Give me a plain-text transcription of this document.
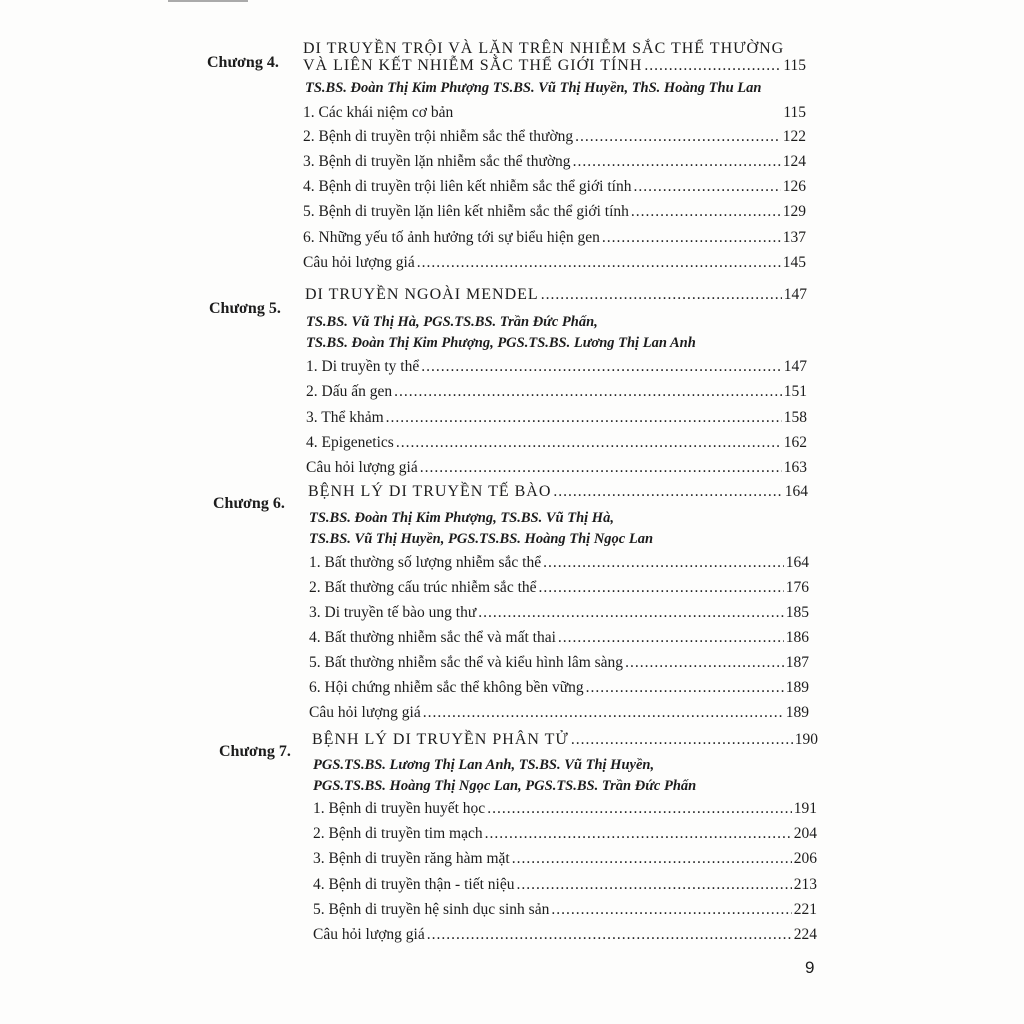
Chương 4.
DI TRUYỀN TRỘI VÀ LẶN TRÊN NHIỄM SẮC THỂ THƯỜNG
VÀ LIÊN KẾT NHIỄM SẮC THỂ GIỚI TÍNH .....	115
TS.BS. Đoàn Thị Kim Phượng TS.BS. Vũ Thị Huyền, ThS. Hoàng Thu Lan
1. Các khái niệm cơ bản	115
2. Bệnh di truyền trội nhiễm sắc thể thường .....	122
3. Bệnh di truyền lặn nhiễm sắc thể thường .....	124
4. Bệnh di truyền trội liên kết nhiễm sắc thể giới tính .....	126
5. Bệnh di truyền lặn liên kết nhiễm sắc thể giới tính .....	129
6. Những yếu tố ảnh hưởng tới sự biểu hiện gen .....	137
Câu hỏi lượng giá .....	145
Chương 5.
DI TRUYỀN NGOÀI MENDEL .....	147
TS.BS. Vũ Thị Hà, PGS.TS.BS. Trần Đức Phấn,
TS.BS. Đoàn Thị Kim Phượng, PGS.TS.BS. Lương Thị Lan Anh
1. Di truyền ty thể .....	147
2. Dấu ấn gen .....	151
3. Thể khảm .....	158
4. Epigenetics .....	162
Câu hỏi lượng giá .....	163
Chương 6.
BỆNH LÝ DI TRUYỀN TẾ BÀO .....	164
TS.BS. Đoàn Thị Kim Phượng, TS.BS. Vũ Thị Hà,
TS.BS. Vũ Thị Huyền, PGS.TS.BS. Hoàng Thị Ngọc Lan
1. Bất thường số lượng nhiễm sắc thể .....	164
2. Bất thường cấu trúc nhiễm sắc thể .....	176
3. Di truyền tế bào ung thư .....	185
4. Bất thường nhiễm sắc thể và mất thai .....	186
5. Bất thường nhiễm sắc thể và kiểu hình lâm sàng .....	187
6. Hội chứng nhiễm sắc thể không bền vững .....	189
Câu hỏi lượng giá .....	189
Chương 7.
BỆNH LÝ DI TRUYỀN PHÂN TỬ .....	190
PGS.TS.BS. Lương Thị Lan Anh, TS.BS. Vũ Thị Huyền,
PGS.TS.BS. Hoàng Thị Ngọc Lan, PGS.TS.BS. Trần Đức Phấn
1. Bệnh di truyền huyết học .....	191
2. Bệnh di truyền tim mạch .....	204
3. Bệnh di truyền răng hàm mặt .....	206
4. Bệnh di truyền thận - tiết niệu .....	213
5. Bệnh di truyền hệ sinh dục sinh sản .....	221
Câu hỏi lượng giá .....	224
9
